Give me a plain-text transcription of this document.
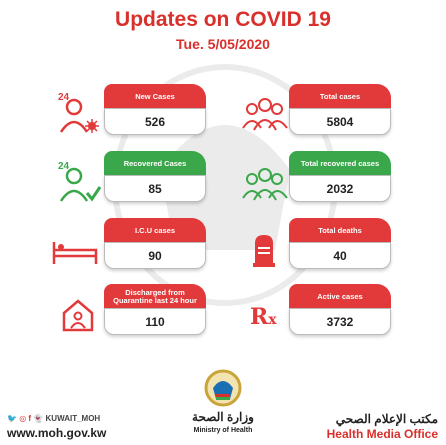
Updates on COVID 19
Tue. 5/05/2020
24	New Cases
526
Total cases
5804
24	Recovered Cases
85
Total recovered cases
2032
I.C.U cases
90
Total deaths
40
Discharged from Quarantine last 24 hour
110	Rx
Active cases
3732
🐦 ◎ f 👻 KUWAIT_MOH
www.moh.gov.kw
وزارة الصحة
Ministry of Health
مكتب الإعلام الصحي
Health Media Office
